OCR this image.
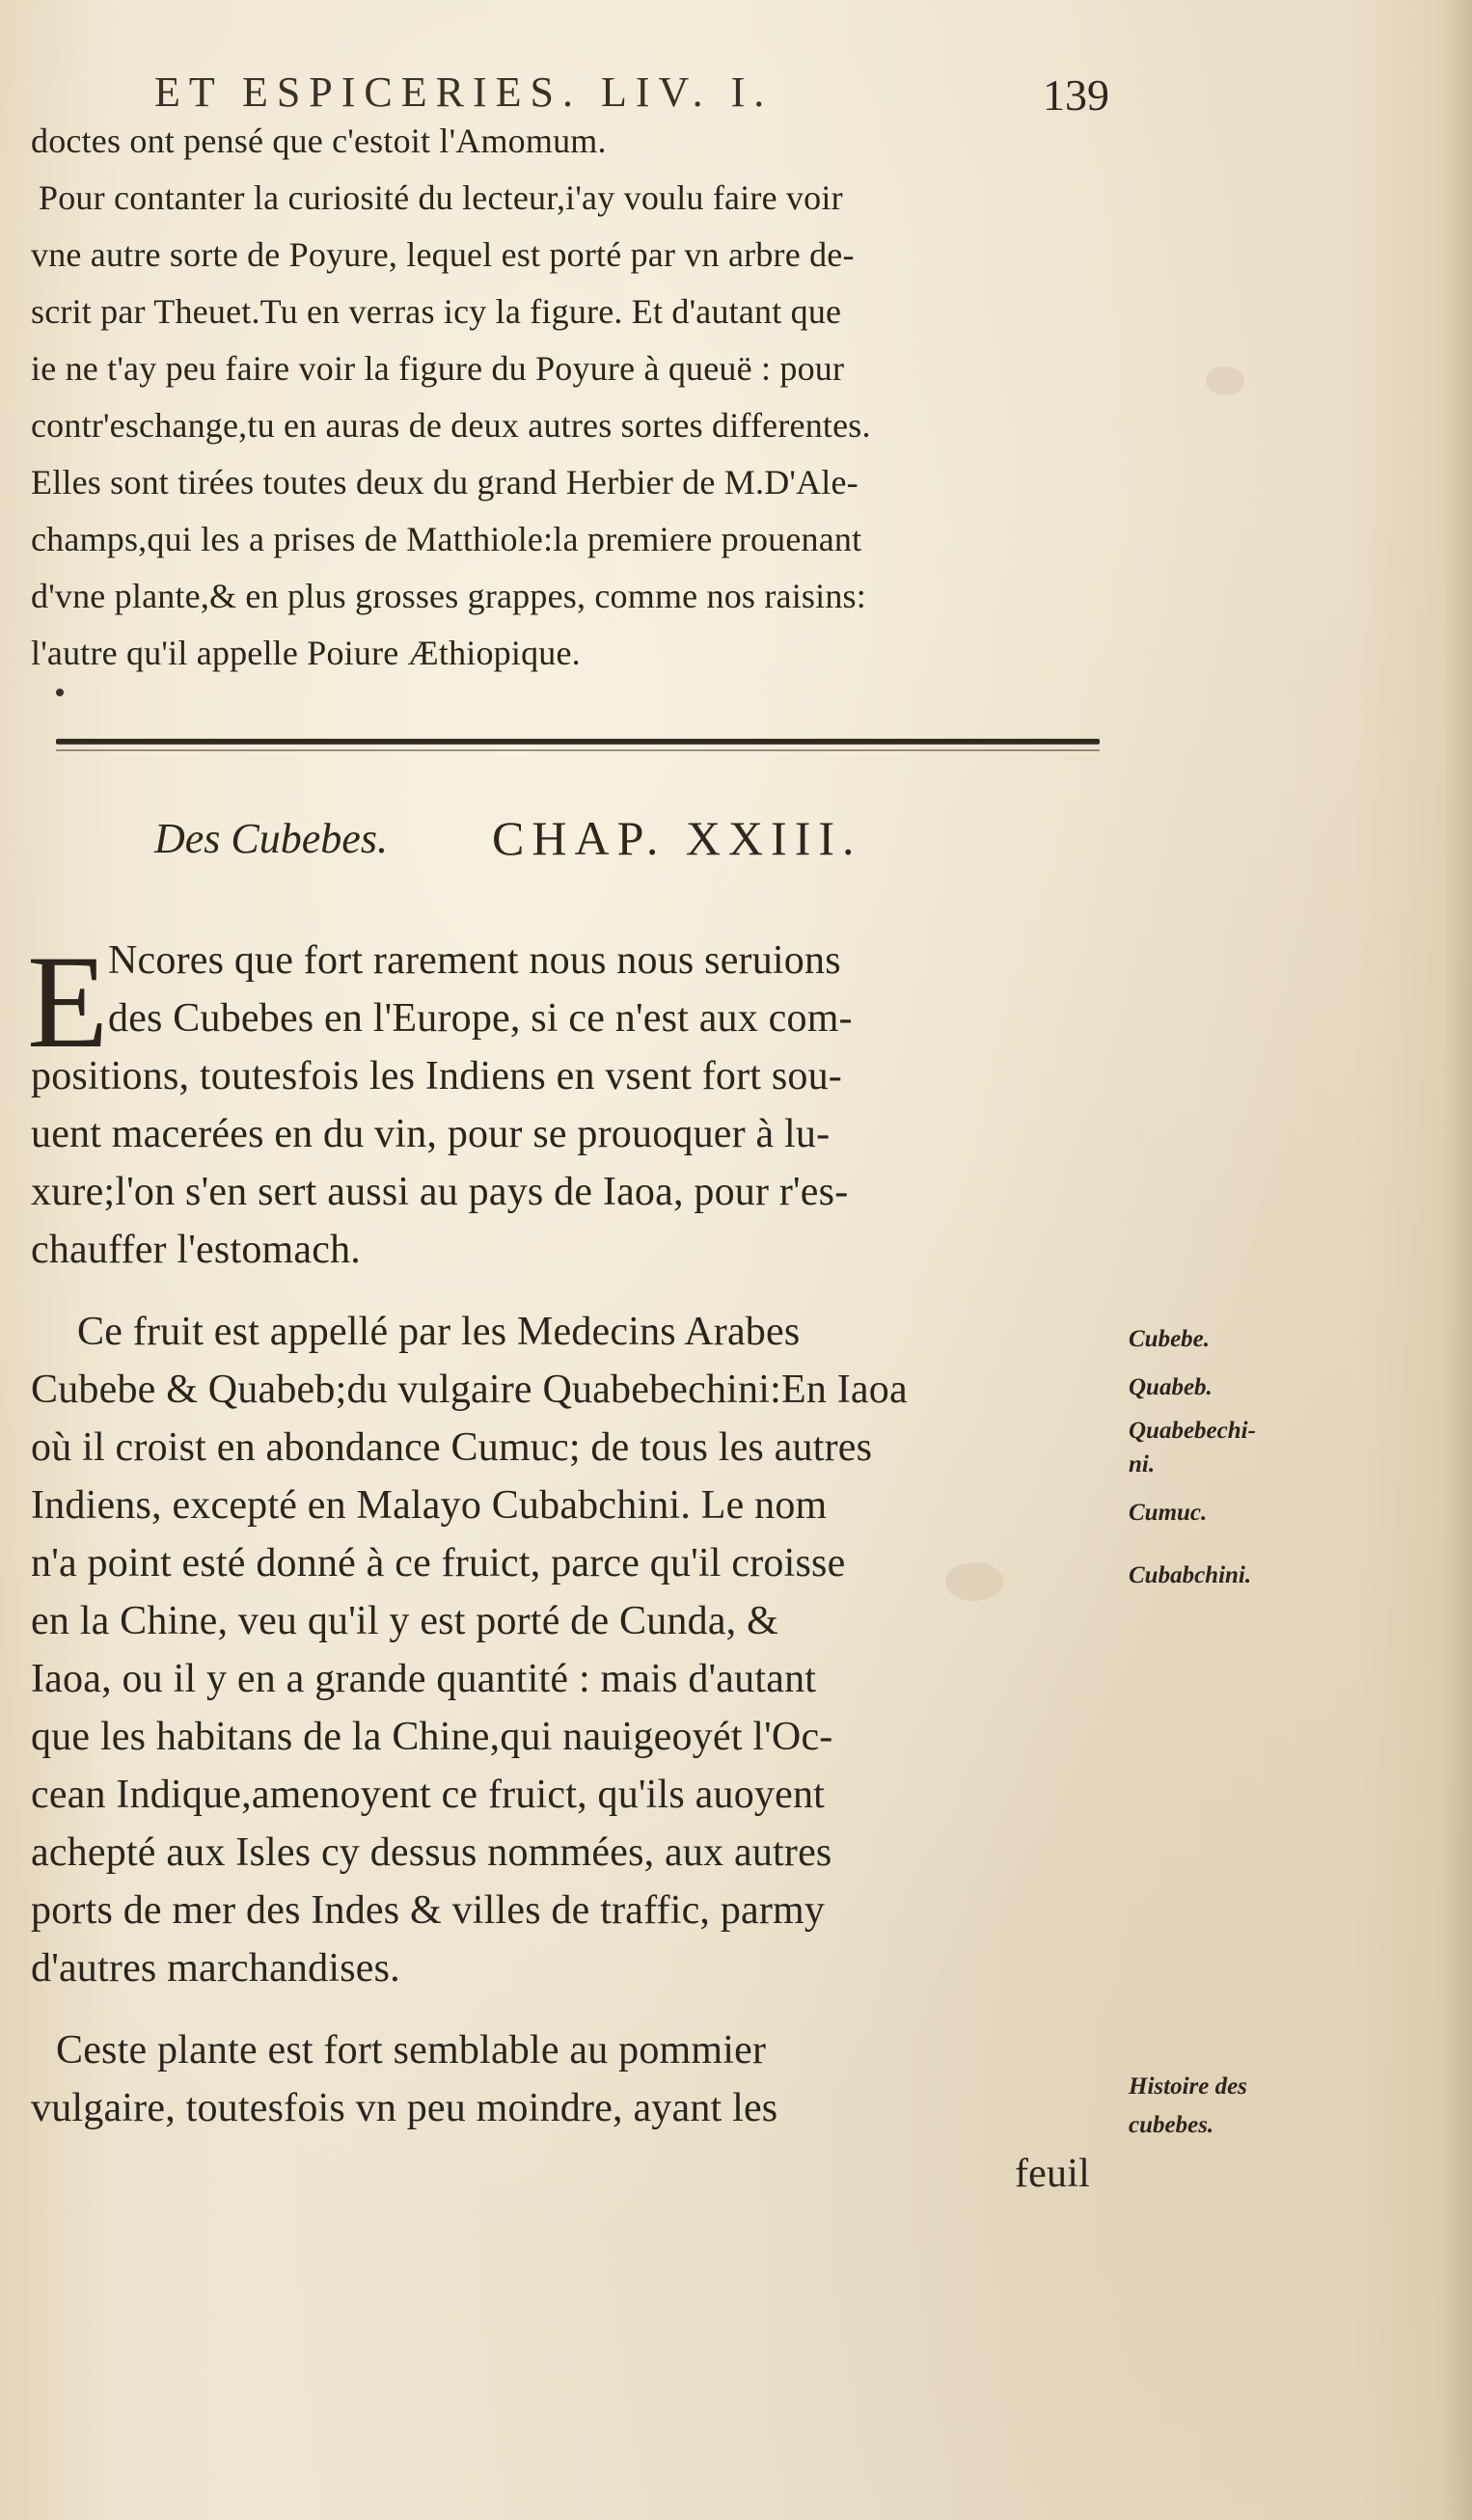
ET ESPICERIES. LIV. I.	139
doctes ont pensé que c'estoit l'Amomum.
Pour contanter la curiosité du lecteur,i'ay voulu faire voir
vne autre sorte de Poyure, lequel est porté par vn arbre de-
scrit par Theuet.Tu en verras icy la figure. Et d'autant que
ie ne t'ay peu faire voir la figure du Poyure à queuë : pour
contr'eschange,tu en auras de deux autres sortes differentes.
Elles sont tirées toutes deux du grand Herbier de M.D'Ale-
champs,qui les a prises de Matthiole:la premiere prouenant
d'vne plante,& en plus grosses grappes, comme nos raisins:
l'autre qu'il appelle Poiure Æthiopique.
Des Cubebes. CHAP. XXIII.
E Ncores que fort rarement nous nous seruions
des Cubebes en l'Europe, si ce n'est aux com-
positions, toutesfois les Indiens en vsent fort sou-
uent macerées en du vin, pour se prouoquer à lu-
xure;l'on s'en sert aussi au pays de Iaoa, pour r'es-
chauffer l'estomach.
Ce fruit est appellé par les Medecins Arabes
Cubebe & Quabeb;du vulgaire Quabebechini:En Iaoa
où il croist en abondance Cumuc; de tous les autres
Indiens, excepté en Malayo Cubabchini. Le nom
n'a point esté donné à ce fruict, parce qu'il croisse
en la Chine, veu qu'il y est porté de Cunda, &
Iaoa, ou il y en a grande quantité : mais d'autant
que les habitans de la Chine,qui nauigeoyét l'Oc-
cean Indique,amenoyent ce fruict, qu'ils auoyent
achepté aux Isles cy dessus nommées, aux autres
ports de mer des Indes & villes de traffic, parmy
d'autres marchandises.
Ceste plante est fort semblable au pommier
vulgaire, toutesfois vn peu moindre, ayant les
feuil
Cubebe.
Quabeb.
Quabebechi-
ni.
Cumuc.
Cubabchini.
Histoire des
cubebes.
